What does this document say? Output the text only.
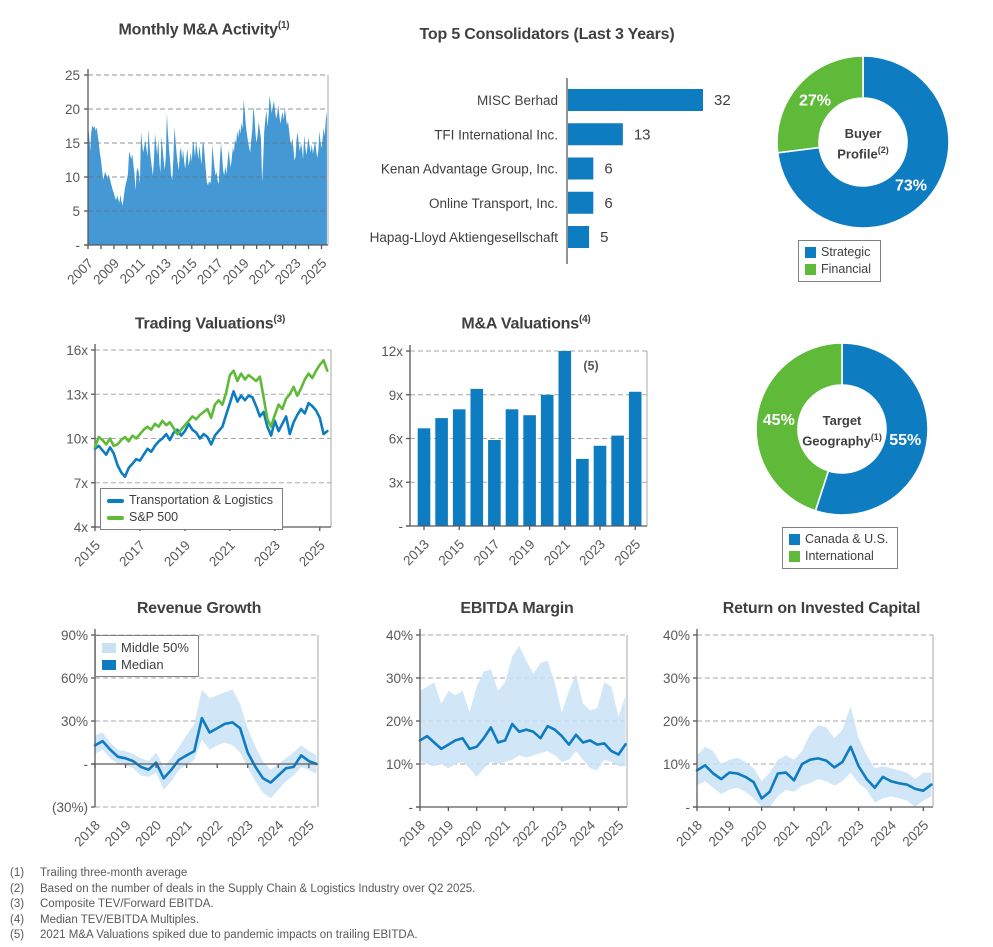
Monthly M&A Activity$^{(1)}$
-
5
10
15
20
25
2007
2009
2011
2013
2015
2017
2019
2021
2023
2025
Top 5 Consolidators (Last 3 Years)
32
MISC Berhad
13
TFI International Inc.
6
Kenan Advantage Group, Inc.
6
Online Transport, Inc.
5
Hapag-Lloyd Aktiengesellschaft
73%
27%
Buyer
Profile$^{(2)}$
Strategic
Financial
Trading Valuations$^{(3)}$
4x
7x
10x
13x
16x
2015 2017 2019 2021 2023 2025
Transportation & Logistics
S&P 500
M&A Valuations$^{(4)}$
-
3x
6x
9x
12x
2013 2015 2017 2019 2021 2023 2025
(5)
55%
45%	Target
Geography$^{(1)}$
Canada & U.S.
International
Revenue Growth
(30%)
-
30%
60%
90%
2018
2019
2020
2021
2022
2023
2024
2025
Middle 50%
Median
EBITDA Margin
-
10%
20%
30%
40%
2018
2019
2020
2021
2022
2023
2024
2025
Return on Invested Capital
-
10%
20%
30%
40%
2018 2019 2020 2021 2022 2023 2024 2025
(1)	Trailing three-month average
(2)	Based on the number of deals in the Supply Chain & Logistics Industry over Q2 2025.
(3)	Composite TEV/Forward EBITDA.
(4)	Median TEV/EBITDA Multiples.
(5)	2021 M&A Valuations spiked due to pandemic impacts on trailing EBITDA.
